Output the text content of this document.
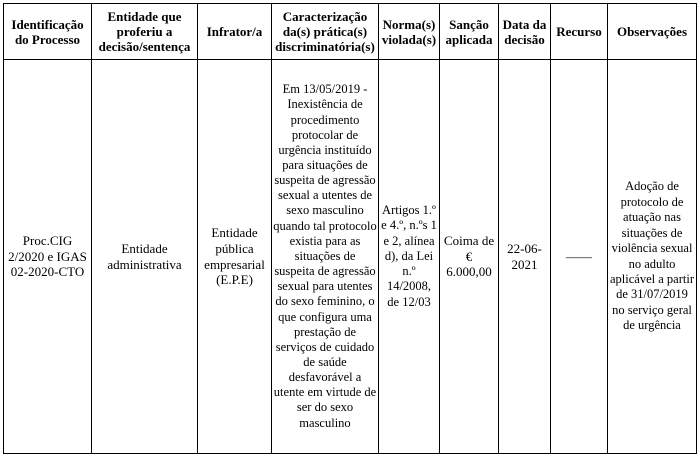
Identificação do Processo	Entidade que proferiu a decisão/sentença	Infrator/a	Caracterização da(s) prática(s) discriminatória(s)	Norma(s) violada(s)	Sanção aplicada	Data da decisão	Recurso	Observações
Proc.CIG 2/2020 e IGAS 02-2020-CTO	Entidade administrativa	Entidade pública empresarial (E.P.E)	Em 13/05/2019 - Inexistência de procedimento protocolar de urgência instituído para situações de suspeita de agressão sexual a utentes de sexo masculino quando tal protocolo existia para as situações de suspeita de agressão sexual para utentes do sexo feminino, o que configura uma prestação de serviços de cuidado de saúde desfavorável a utente em virtude de ser do sexo masculino	Artigos 1.º e 4.º, n.ºs 1 e 2, alínea d), da Lei n.º 14/2008, de 12/03	Coima de € 6.000,00	22-06-2021	——	Adoção de protocolo de atuação nas situações de violência sexual no adulto aplicável a partir de 31/07/2019 no serviço geral de urgência
